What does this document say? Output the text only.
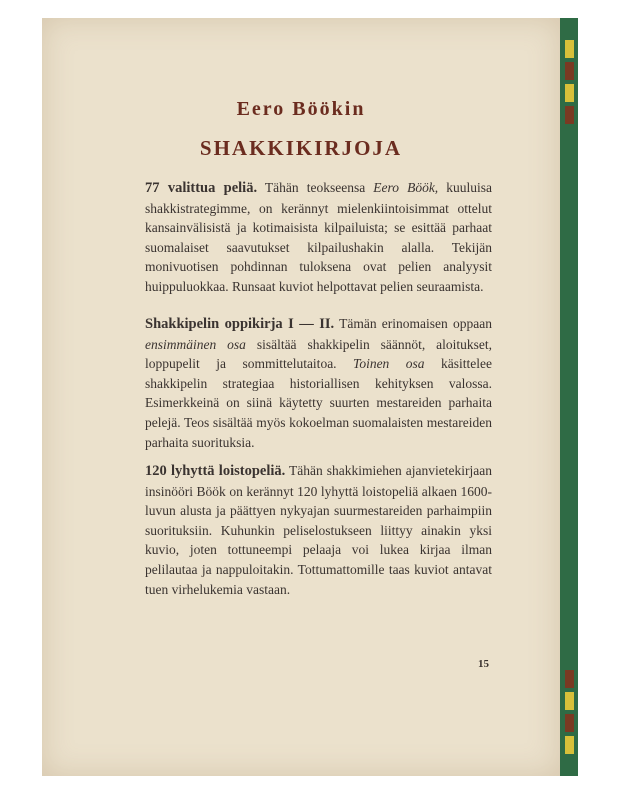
Eero Böökin
SHAKKIKIRJOJA

77 valittua peliä. Tähän teokseensa Eero Böök, kuuluisa shakkistrategimme, on kerännyt mielenkiintoisimmat ottelut kansainvälisistä ja kotimaisista kilpailuista; se esittää parhaat suomalaiset saavutukset kilpailushakin alalla. Tekijän monivuotisen pohdinnan tuloksena ovat pelien analyysit huippuluokkaa. Runsaat kuviot helpottavat pelien seuraamista.

Shakkipelin oppikirja I — II. Tämän erinomaisen oppaan ensimmäinen osa sisältää shakkipelin säännöt, aloitukset, loppupelit ja sommittelutaitoa. Toinen osa käsittelee shakkipelin strategiaa historiallisen kehityksen valossa. Esimerkkeinä on siinä käytetty suurten mestareiden parhaita pelejä. Teos sisältää myös kokoelman suomalaisten mestareiden parhaita suorituksia.

120 lyhyttä loistopeliä. Tähän shakkimiehen ajanvietekirjaan insinööri Böök on kerännyt 120 lyhyttä loistopeliä alkaen 1600-luvun alusta ja päättyen nykyajan suurmestareiden parhaimpiin suorituksiin. Kuhunkin peliselostukseen liittyy ainakin yksi kuvio, joten tottuneempi pelaaja voi lukea kirjaa ilman pelilautaa ja nappuloitakin. Tottumattomille taas kuviot antavat tuen virhelukemia vastaan.

15
